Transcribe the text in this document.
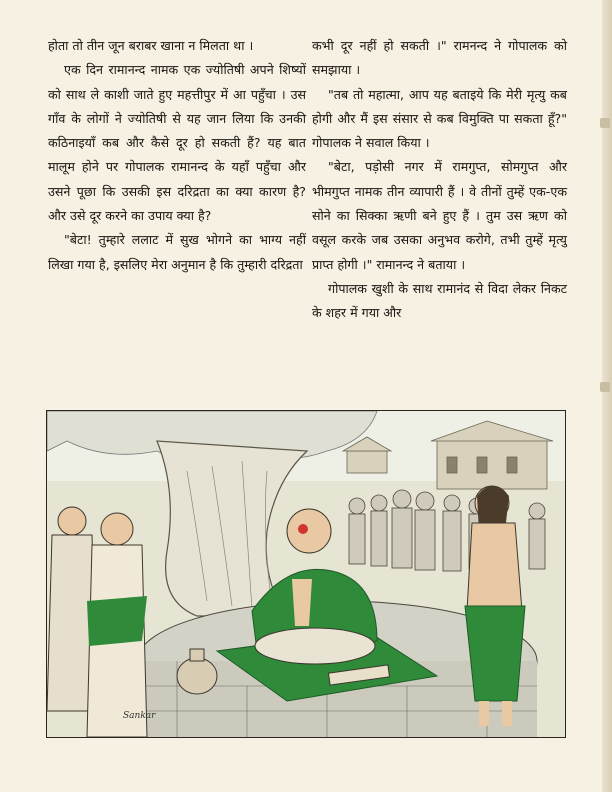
होता तो तीन जून बराबर खाना न मिलता था ।

एक दिन रामानन्द नामक एक ज्योतिषी अपने शिष्यों को साथ ले काशी जाते हुए महत्तीपुर में आ पहुँचा । उस गाँव के लोगों ने ज्योतिषी से यह जान लिया कि उनकी कठिनाइयाँ कब और कैसे दूर हो सकती हैं? यह बात मालूम होने पर गोपालक रामानन्द के यहाँ पहुँचा और उसने पूछा कि उसकी इस दरिद्रता का क्या कारण है? और उसे दूर करने का उपाय क्या है?

"बेटा! तुम्हारे ललाट में सुख भोगने का भाग्य नहीं लिखा गया है, इसलिए मेरा अनुमान है कि तुम्हारी दरिद्रता

कभी दूर नहीं हो सकती ।" रामनन्द ने गोपालक को समझाया ।

"तब तो महात्मा, आप यह बताइये कि मेरी मृत्यु कब होगी और मैं इस संसार से कब विमुक्ति पा सकता हूँ?" गोपालक ने सवाल किया ।

"बेटा, पड़ोसी नगर में रामगुप्त, सोमगुप्त और भीमगुप्त नामक तीन व्यापारी हैं । वे तीनों तुम्हें एक-एक सोने का सिक्का ऋणी बने हुए हैं । तुम उस ऋण को वसूल करके जब उसका अनुभव करोगे, तभी तुम्हें मृत्यु प्राप्त होगी ।" रामानन्द ने बताया ।

गोपालक खुशी के साथ रामानंद से विदा लेकर निकट के शहर में गया और

Sankar
